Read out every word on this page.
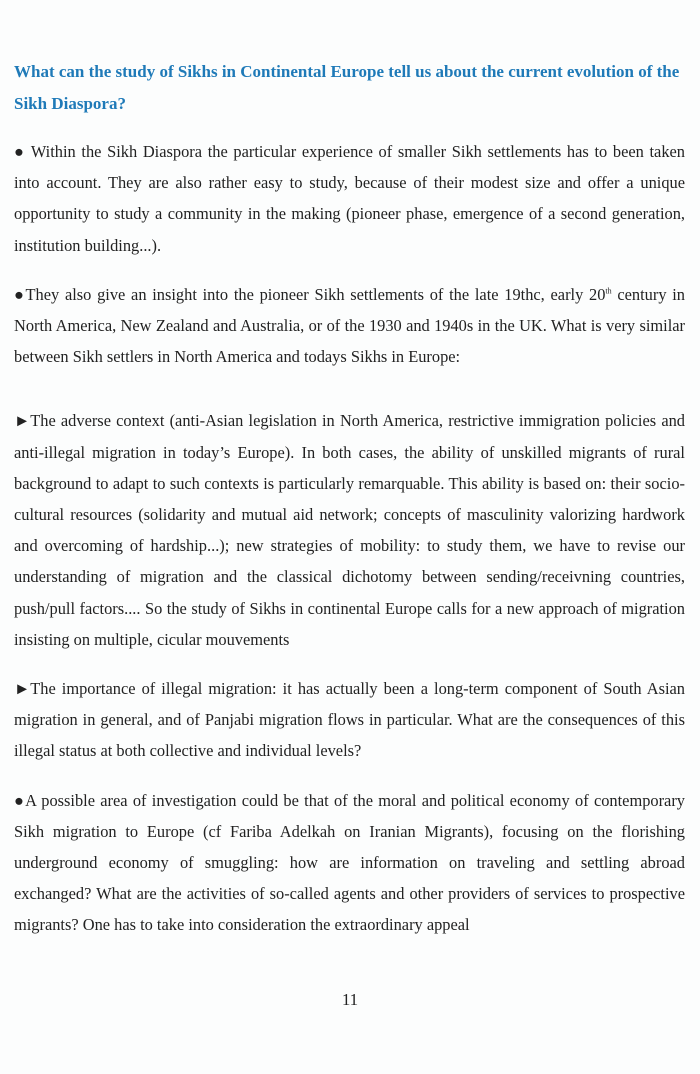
What can the study of Sikhs in Continental Europe tell us about the current evolution of the Sikh Diaspora?

● Within the Sikh Diaspora the particular experience of smaller Sikh settlements has to been taken into account. They are also rather easy to study, because of their modest size and offer a unique opportunity to study a community in the making (pioneer phase, emergence of a second generation, institution building...).

●They also give an insight into the pioneer Sikh settlements of the late 19thc, early 20th century in North America, New Zealand and Australia, or of the 1930 and 1940s in the UK. What is very similar between Sikh settlers in North America and todays Sikhs in Europe:

►The adverse context (anti-Asian legislation in North America, restrictive immigration policies and anti-illegal migration in today’s Europe). In both cases, the ability of unskilled migrants of rural background to adapt to such contexts is particularly remarquable. This ability is based on: their socio-cultural resources (solidarity and mutual aid network; concepts of masculinity valorizing hardwork and overcoming of hardship...); new strategies of mobility: to study them, we have to revise our understanding of migration and the classical dichotomy between sending/receivning countries, push/pull factors.... So the study of Sikhs in continental Europe calls for a new approach of migration insisting on multiple, cicular mouvements

►The importance of illegal migration: it has actually been a long-term component of South Asian migration in general, and of Panjabi migration flows in particular. What are the consequences of this illegal status at both collective and individual levels?

●A possible area of investigation could be that of the moral and political economy of contemporary Sikh migration to Europe (cf Fariba Adelkah on Iranian Migrants), focusing on the florishing underground economy of smuggling: how are information on traveling and settling abroad exchanged? What are the activities of so-called agents and other providers of services to prospective migrants? One has to take into consideration the extraordinary appeal

11
